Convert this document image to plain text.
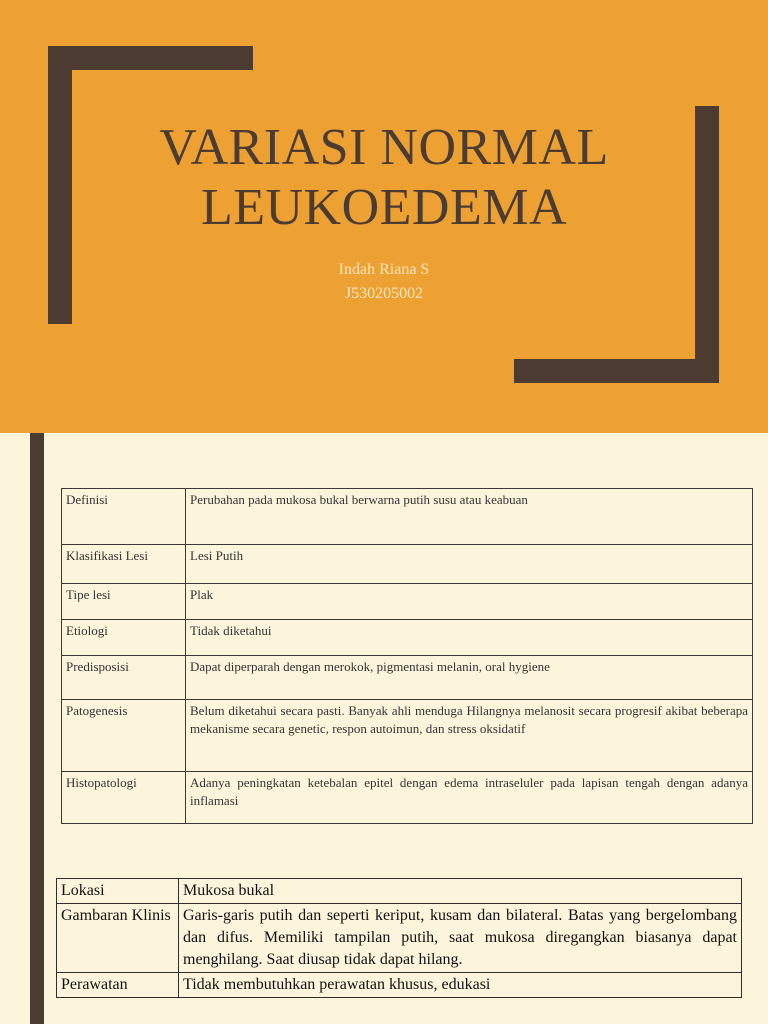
VARIASI NORMAL
LEUKOEDEMA
Indah Riana S
J530205002
Definisi	Perubahan pada mukosa bukal berwarna putih susu atau keabuan
Klasifikasi Lesi	Lesi Putih
Tipe lesi	Plak
Etiologi	Tidak diketahui
Predisposisi	Dapat diperparah dengan merokok, pigmentasi melanin, oral hygiene
Patogenesis	Belum diketahui secara pasti. Banyak ahli menduga Hilangnya melanosit secara progresif akibat beberapa mekanisme secara genetic, respon autoimun, dan stress oksidatif
Histopatologi	Adanya peningkatan ketebalan epitel dengan edema intraseluler pada lapisan tengah dengan adanya inflamasi
Lokasi	Mukosa bukal
Gambaran Klinis	Garis-garis putih dan seperti keriput, kusam dan bilateral. Batas yang bergelombang dan difus. Memiliki tampilan putih, saat mukosa diregangkan biasanya dapat menghilang. Saat diusap tidak dapat hilang.
Perawatan	Tidak membutuhkan perawatan khusus, edukasi
